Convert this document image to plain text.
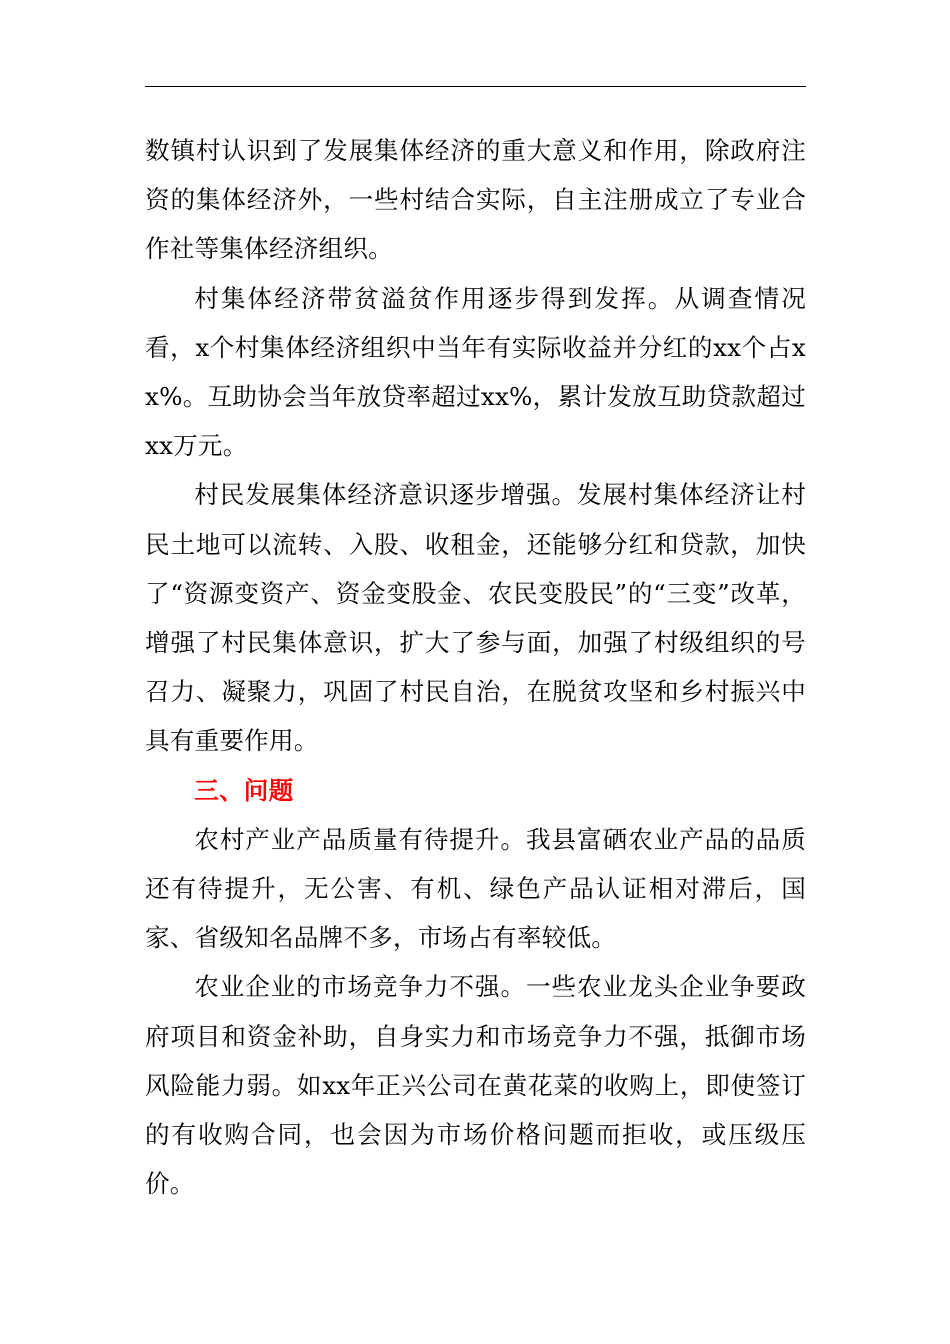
数镇村认识到了发展集体经济的重大意义和作用，除政府注资的集体经济外，一些村结合实际，自主注册成立了专业合作社等集体经济组织。

村集体经济带贫溢贫作用逐步得到发挥。从调查情况看，x个村集体经济组织中当年有实际收益并分红的xx个占xx%。互助协会当年放贷率超过xx%，累计发放互助贷款超过xx万元。

村民发展集体经济意识逐步增强。发展村集体经济让村民土地可以流转、入股、收租金，还能够分红和贷款，加快了“资源变资产、资金变股金、农民变股民”的“三变”改革，增强了村民集体意识，扩大了参与面，加强了村级组织的号召力、凝聚力，巩固了村民自治，在脱贫攻坚和乡村振兴中具有重要作用。

三、问题

农村产业产品质量有待提升。我县富硒农业产品的品质还有待提升，无公害、有机、绿色产品认证相对滞后，国家、省级知名品牌不多，市场占有率较低。

农业企业的市场竞争力不强。一些农业龙头企业争要政府项目和资金补助，自身实力和市场竞争力不强，抵御市场风险能力弱。如xx年正兴公司在黄花菜的收购上，即使签订的有收购合同，也会因为市场价格问题而拒收，或压级压价。
